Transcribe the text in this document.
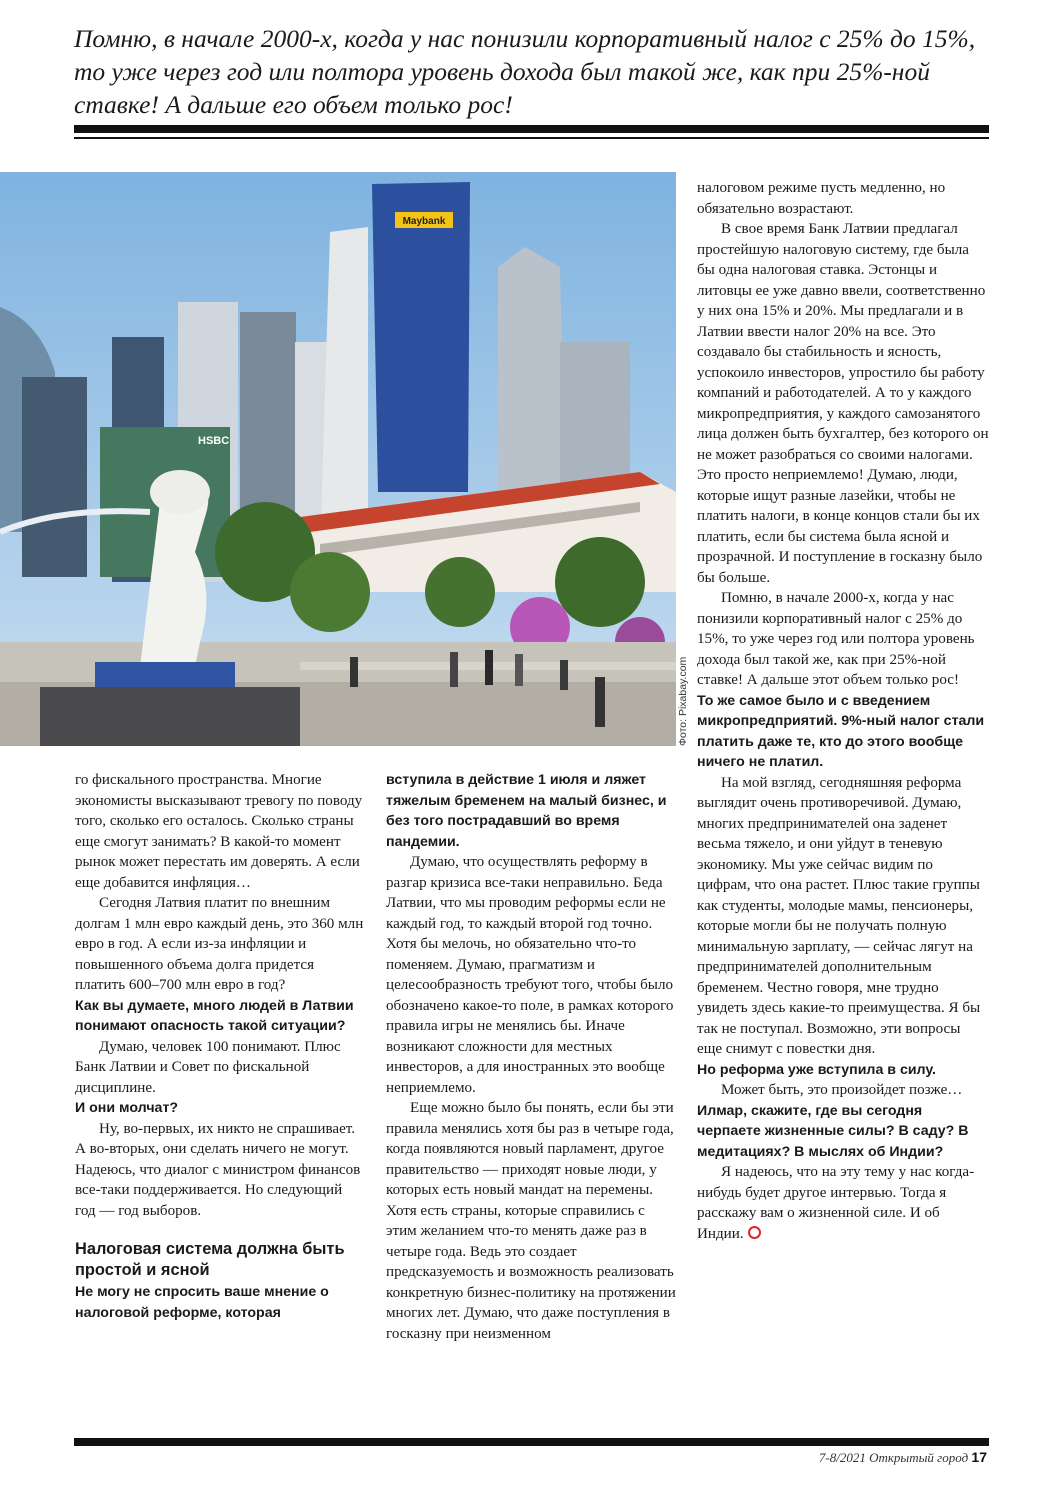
Помню, в начале 2000-х, когда у нас понизили корпоративный налог с 25% до 15%, то уже через год или полтора уровень дохода был такой же, как при 25%-ной ставке! А дальше его объем только рос!

Maybank
HSBC
Фото: Pixabay.com

го фискального пространства. Многие экономисты высказывают тревогу по поводу того, сколько его осталось. Сколько страны еще смогут занимать? В какой-то момент рынок может перестать им доверять. А если еще добавится инфляция…

Сегодня Латвия платит по внешним долгам 1 млн евро каждый день, это 360 млн евро в год. А если из-за инфляции и повышенного объема долга придется платить 600–700 млн евро в год?

Как вы думаете, много людей в Латвии понимают опасность такой ситуации?

Думаю, человек 100 понимают. Плюс Банк Латвии и Совет по фискальной дисциплине.

И они молчат?

Ну, во-первых, их никто не спрашивает. А во-вторых, они сделать ничего не могут. Надеюсь, что диалог с министром финансов все-таки поддерживается. Но следующий год — год выборов.

Налоговая система должна быть простой и ясной

Не могу не спросить ваше мнение о налоговой реформе, которая

вступила в действие 1 июля и ляжет тяжелым бременем на малый бизнес, и без того пострадавший во время пандемии.

Думаю, что осуществлять реформу в разгар кризиса все-таки неправильно. Беда Латвии, что мы проводим реформы если не каждый год, то каждый второй год точно. Хотя бы мелочь, но обязательно что-то поменяем. Думаю, прагматизм и целесообразность требуют того, чтобы было обозначено какое-то поле, в рамках которого правила игры не менялись бы. Иначе возникают сложности для местных инвесторов, а для иностранных это вообще неприемлемо.

Еще можно было бы понять, если бы эти правила менялись хотя бы раз в четыре года, когда появляются новый парламент, другое правительство — приходят новые люди, у которых есть новый мандат на перемены. Хотя есть страны, которые справились с этим желанием что-то менять даже раз в четыре года. Ведь это создает предсказуемость и возможность реализовать конкретную бизнес-политику на протяжении многих лет. Думаю, что даже поступления в госказну при неизменном

налоговом режиме пусть медленно, но обязательно возрастают.

В свое время Банк Латвии предлагал простейшую налоговую систему, где была бы одна налоговая ставка. Эстонцы и литовцы ее уже давно ввели, соответственно у них она 15% и 20%. Мы предлагали и в Латвии ввести налог 20% на все. Это создавало бы стабильность и ясность, успокоило инвесторов, упростило бы работу компаний и работодателей. А то у каждого микропредприятия, у каждого самозанятого лица должен быть бухгалтер, без которого он не может разобраться со своими налогами. Это просто неприемлемо! Думаю, люди, которые ищут разные лазейки, чтобы не платить налоги, в конце концов стали бы их платить, если бы система была ясной и прозрачной. И поступление в госказну было бы больше.

Помню, в начале 2000-х, когда у нас понизили корпоративный налог с 25% до 15%, то уже через год или полтора уровень дохода был такой же, как при 25%-ной ставке! А дальше этот объем только рос!

То же самое было и с введением микропредприятий. 9%-ный налог стали платить даже те, кто до этого вообще ничего не платил.

На мой взгляд, сегодняшняя реформа выглядит очень противоречивой. Думаю, многих предпринимателей она заденет весьма тяжело, и они уйдут в теневую экономику. Мы уже сейчас видим по цифрам, что она растет. Плюс такие группы как студенты, молодые мамы, пенсионеры, которые могли бы не получать полную минимальную зарплату, — сейчас лягут на предпринимателей дополнительным бременем. Честно говоря, мне трудно увидеть здесь какие-то преимущества. Я бы так не поступал. Возможно, эти вопросы еще снимут с повестки дня.

Но реформа уже вступила в силу.

Может быть, это произойдет позже…

Илмар, скажите, где вы сегодня черпаете жизненные силы? В саду? В медитациях? В мыслях об Индии?

Я надеюсь, что на эту тему у нас когда-нибудь будет другое интервью. Тогда я расскажу вам о жизненной силе. И об Индии.

7-8/2021 Открытый город 17
